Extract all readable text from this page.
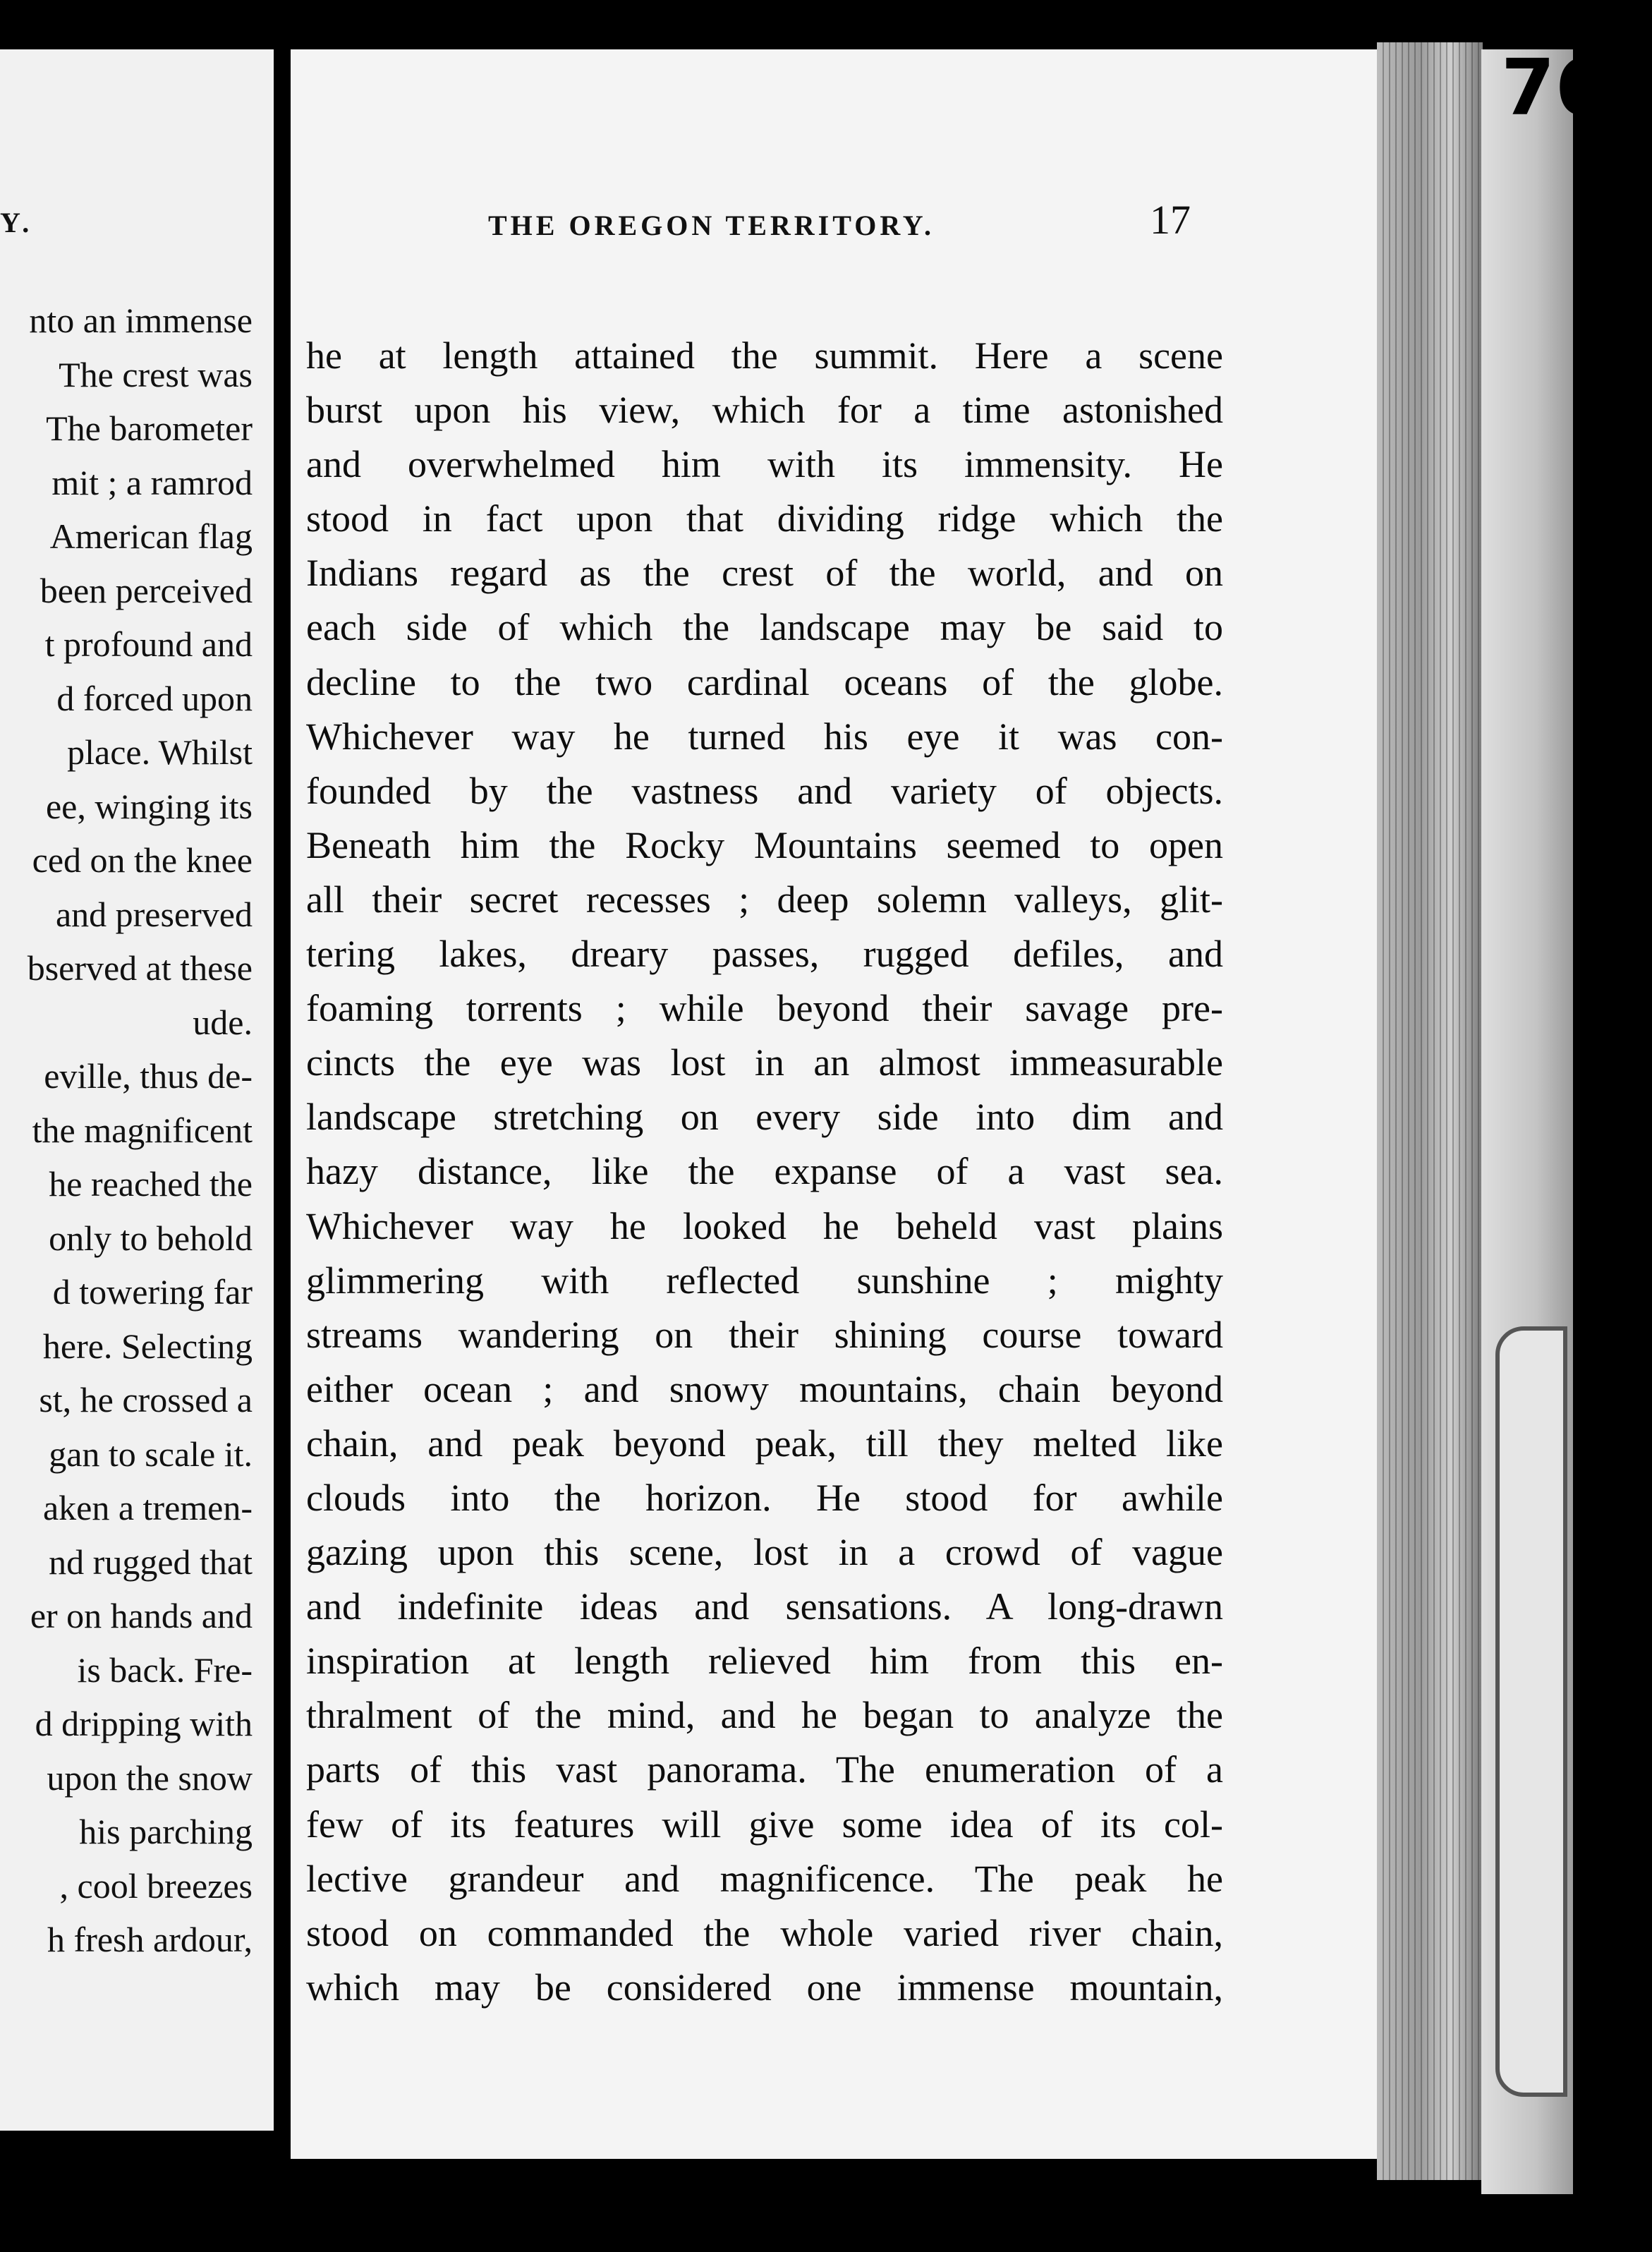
Y.
nto an immense
The crest was
The barometer
mit ; a ramrod
American flag
been perceived
t profound and
d forced upon
place. Whilst
ee, winging its
ced on the knee
and preserved
bserved at these
ude.
eville, thus de-
the magnificent
he reached the
only to behold
d towering far
here. Selecting
st, he crossed a
gan to scale it.
aken a tremen-
nd rugged that
er on hands and
is back. Fre-
d dripping with
upon the snow
his parching
, cool breezes
h fresh ardour,
THE OREGON TERRITORY.	17
he at length attained the summit. Here a scene
burst upon his view, which for a time astonished
and overwhelmed him with its immensity. He
stood in fact upon that dividing ridge which the
Indians regard as the crest of the world, and on
each side of which the landscape may be said to
decline to the two cardinal oceans of the globe.
Whichever way he turned his eye it was con-
founded by the vastness and variety of objects.
Beneath him the Rocky Mountains seemed to open
all their secret recesses ; deep solemn valleys, glit-
tering lakes, dreary passes, rugged defiles, and
foaming torrents ; while beyond their savage pre-
cincts the eye was lost in an almost immeasurable
landscape stretching on every side into dim and
hazy distance, like the expanse of a vast sea.
Whichever way he looked he beheld vast plains
glimmering with reflected sunshine ; mighty
streams wandering on their shining course toward
either ocean ; and snowy mountains, chain beyond
chain, and peak beyond peak, till they melted like
clouds into the horizon. He stood for awhile
gazing upon this scene, lost in a crowd of vague
and indefinite ideas and sensations. A long-drawn
inspiration at length relieved him from this en-
thralment of the mind, and he began to analyze the
parts of this vast panorama. The enumeration of a
few of its features will give some idea of its col-
lective grandeur and magnificence. The peak he
stood on commanded the whole varied river chain,
which may be considered one immense mountain,
76
